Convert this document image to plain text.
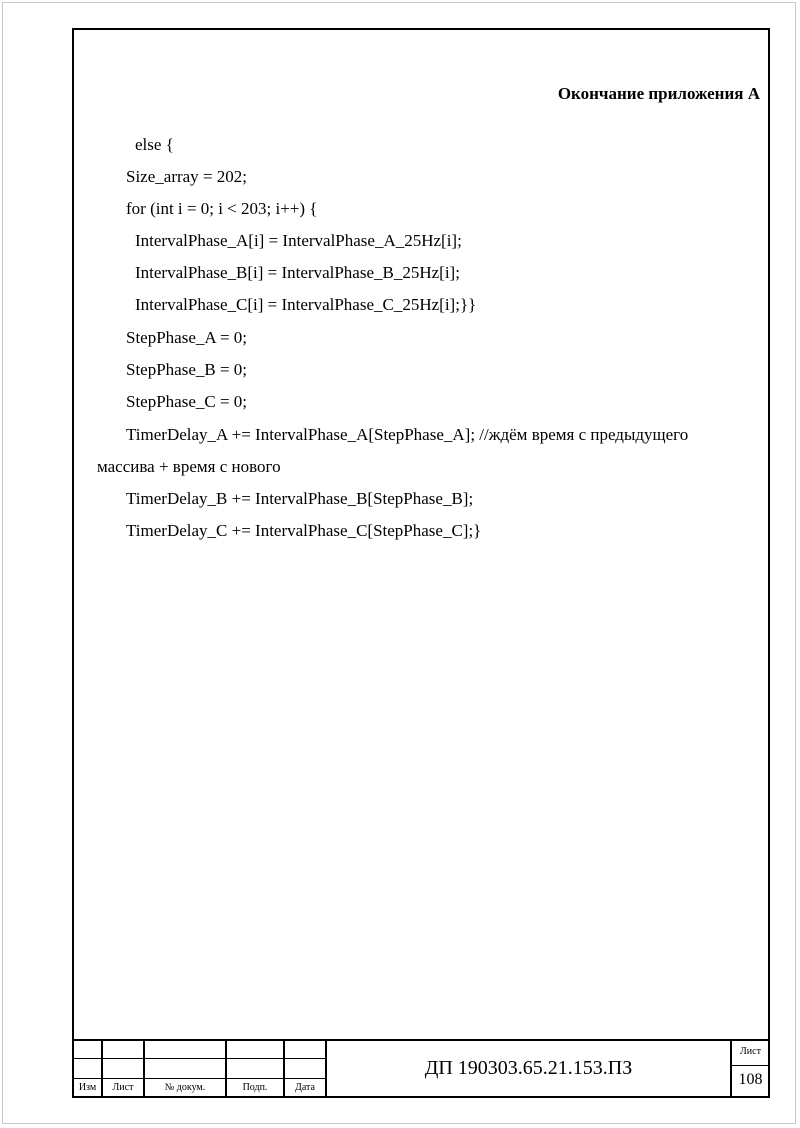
Окончание приложения А
else {
Size_array = 202;
for (int i = 0; i < 203; i++) {
IntervalPhase_A[i] = IntervalPhase_A_25Hz[i];
IntervalPhase_B[i] = IntervalPhase_B_25Hz[i];
IntervalPhase_C[i] = IntervalPhase_C_25Hz[i];}}
StepPhase_A = 0;
StepPhase_B = 0;
StepPhase_C = 0;
TimerDelay_A += IntervalPhase_A[StepPhase_A]; //ждём время с предыдущего
массива + время с нового
TimerDelay_B += IntervalPhase_B[StepPhase_B];
TimerDelay_C += IntervalPhase_C[StepPhase_C];}
Изм	Лист	№ докум.	Подп.	Дата
ДП 190303.65.21.153.ПЗ
Лист
108
